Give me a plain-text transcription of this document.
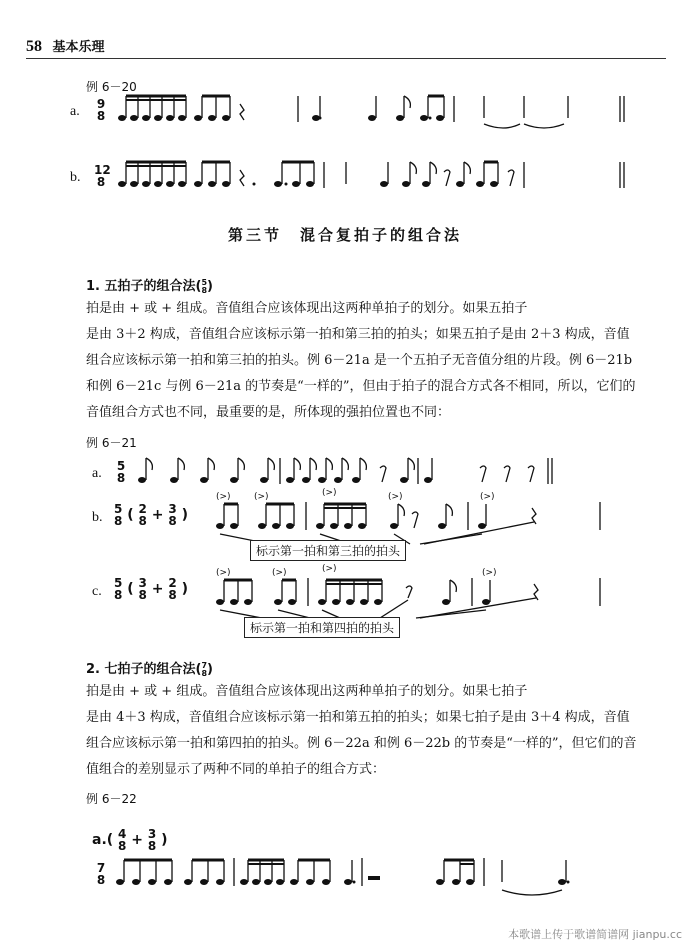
58 基本乐理
例 6－20
a. 9
8
b. 12
8
第三节　混合复拍子的组合法
1. 五拍子的组合法( 5
8 )

拍是由 + 或 + 组成。音值组合应该体现出这两种单拍子的划分。如果五拍子

是由 3＋2 构成，音值组合应该标示第一拍和第三拍的拍头；如果五拍子是由 2＋3 构成，音值

组合应该标示第一拍和第三拍的拍头。例 6－21a 是一个五拍子无音值分组的片段。例 6－21b

和例 6－21c 与例 6－21a 的节奏是“一样的”，但由于拍子的混合方式各不相同，所以，它们的

音值组合方式也不同，最重要的是，所体现的强拍位置也不同：

例 6－21
a. 5
8
b.
5
8 ( 2
8 + 3
8 )
(>)	(>)	(>)	(>)	(>)
标示第一拍和第三拍的拍头
c.
5
8 ( 3
8 + 2
8 )
(>)	(>)	(>)	(>)
标示第一拍和第四拍的拍头
2. 七拍子的组合法( 7
8 )

拍是由 + 或 + 组成。音值组合应该体现出这两种单拍子的划分。如果七拍子

是由 4＋3 构成，音值组合应该标示第一拍和第五拍的拍头；如果七拍子是由 3＋4 构成，音值

组合应该标示第一拍和第四拍的拍头。例 6－22a 和例 6－22b 的节奏是“一样的”，但它们的音

值组合的差别显示了两种不同的单拍子的组合方式：

例 6－22
a.( 4
8 + 3
8 )
7
8
本歌谱上传于歌谱简谱网 jianpu.cc
